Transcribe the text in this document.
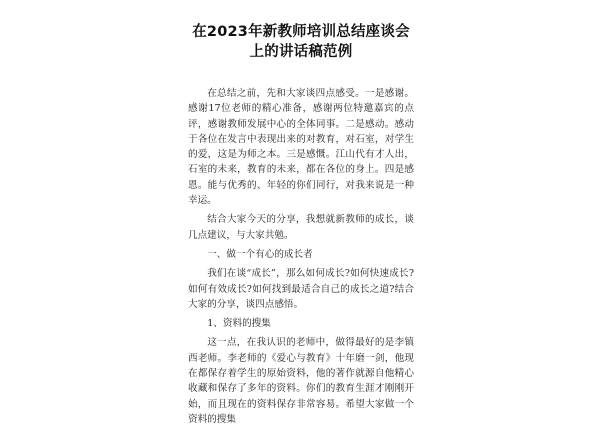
在2023年新教师培训总结座谈会上的讲话稿范例

在总结之前，先和大家谈四点感受。一是感谢。感谢17位老师的精心准备，感谢两位特邀嘉宾的点评，感谢教师发展中心的全体同事。二是感动。感动于各位在发言中表现出来的对教育，对石室，对学生的爱，这是为师之本。三是感慨。江山代有才人出，石室的未来，教育的未来，都在各位的身上。四是感恩。能与优秀的、年轻的你们同行，对我来说是一种幸运。

结合大家今天的分享，我想就新教师的成长，谈几点建议，与大家共勉。

一、做一个有心的成长者

我们在谈“成长”，那么如何成长?如何快速成长?如何有效成长?如何找到最适合自己的成长之道?结合大家的分享，谈四点感悟。

1、资料的搜集

这一点，在我认识的老师中，做得最好的是李镇西老师。李老师的《爱心与教育》十年磨一剑，他现在都保存着学生的原始资料，他的著作就源自他精心收藏和保存了多年的资料。你们的教育生涯才刚刚开始，而且现在的资料保存非常容易。希望大家做一个资料的搜集
